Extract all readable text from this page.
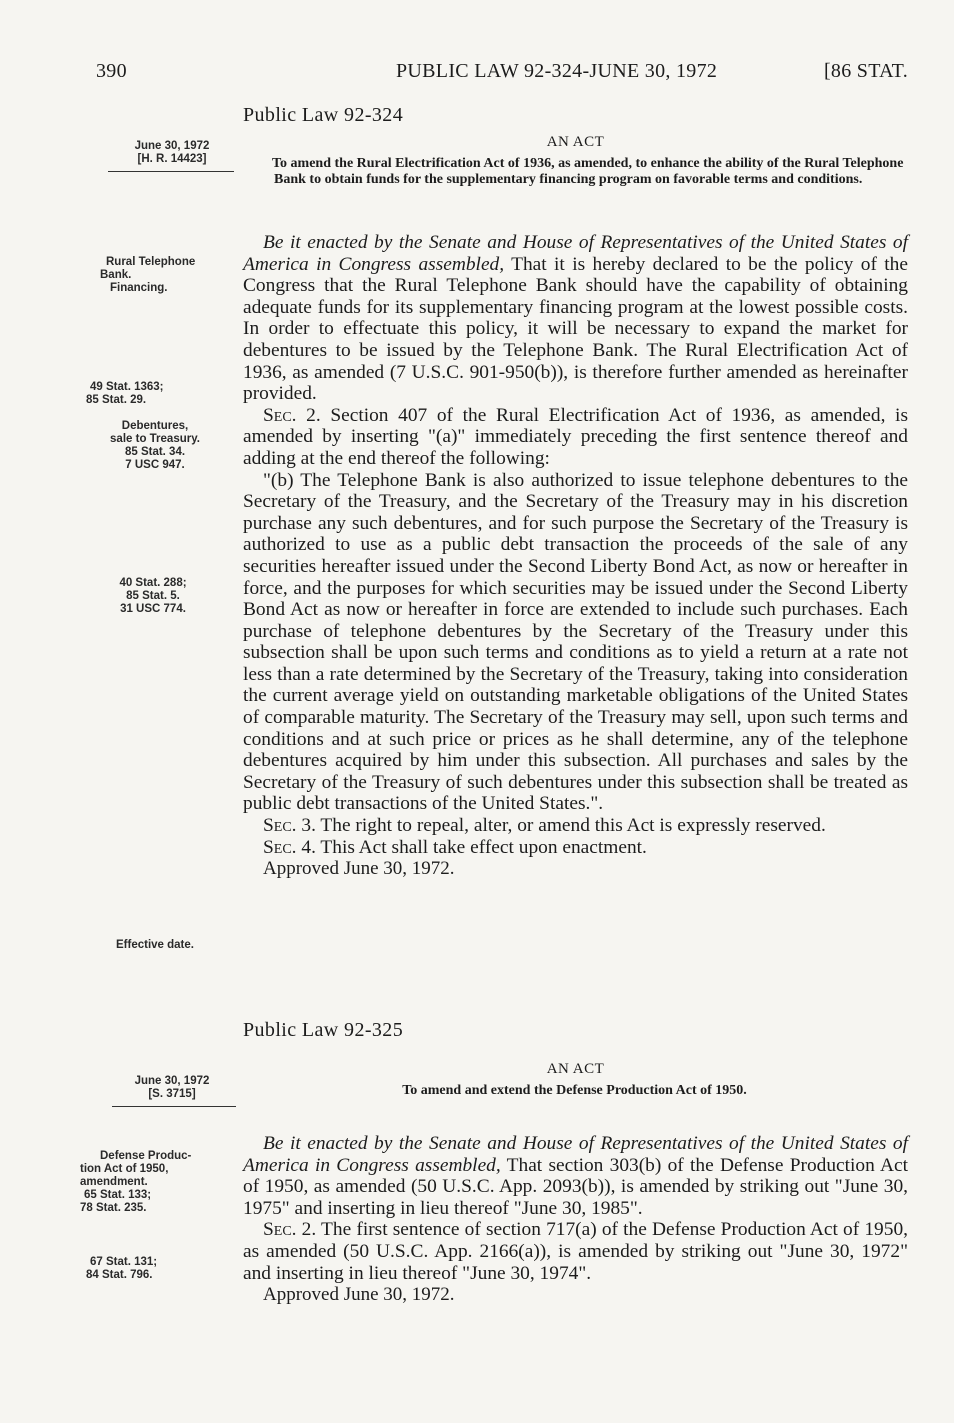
390	PUBLIC LAW 92-324-JUNE 30, 1972	[86 STAT.
June 30, 1972
[H. R. 14423]
Rural Telephone
Bank.
Financing.
49 Stat. 1363;
85 Stat. 29.
Debentures,
sale to Treasury.
85 Stat. 34.
7 USC 947.
40 Stat. 288;
85 Stat. 5.
31 USC 774.
Effective date.
Public Law 92-324
AN ACT
To amend the Rural Electrification Act of 1936, as amended, to enhance the ability of the Rural Telephone Bank to obtain funds for the supplementary financing program on favorable terms and conditions.

Be it enacted by the Senate and House of Representatives of the United States of America in Congress assembled, That it is hereby declared to be the policy of the Congress that the Rural Telephone Bank should have the capability of obtaining adequate funds for its supplementary financing program at the lowest possible costs. In order to effectuate this policy, it will be necessary to expand the market for debentures to be issued by the Telephone Bank. The Rural Electrification Act of 1936, as amended (7 U.S.C. 901-950(b)), is therefore further amended as hereinafter provided.

Sec. 2. Section 407 of the Rural Electrification Act of 1936, as amended, is amended by inserting "(a)" immediately preceding the first sentence thereof and adding at the end thereof the following:

"(b) The Telephone Bank is also authorized to issue telephone debentures to the Secretary of the Treasury, and the Secretary of the Treasury may in his discretion purchase any such debentures, and for such purpose the Secretary of the Treasury is authorized to use as a public debt transaction the proceeds of the sale of any securities hereafter issued under the Second Liberty Bond Act, as now or hereafter in force, and the purposes for which securities may be issued under the Second Liberty Bond Act as now or hereafter in force are extended to include such purchases. Each purchase of telephone debentures by the Secretary of the Treasury under this subsection shall be upon such terms and conditions as to yield a return at a rate not less than a rate determined by the Secretary of the Treasury, taking into consideration the current average yield on outstanding marketable obligations of the United States of comparable maturity. The Secretary of the Treasury may sell, upon such terms and conditions and at such price or prices as he shall determine, any of the telephone debentures acquired by him under this subsection. All purchases and sales by the Secretary of the Treasury of such debentures under this subsection shall be treated as public debt transactions of the United States.".

Sec. 3. The right to repeal, alter, or amend this Act is expressly reserved.

Sec. 4. This Act shall take effect upon enactment.

Approved June 30, 1972.

June 30, 1972
[S. 3715]
Defense Produc-
tion Act of 1950,
amendment.
65 Stat. 133;
78 Stat. 235.
67 Stat. 131;
84 Stat. 796.
Public Law 92-325
AN ACT
To amend and extend the Defense Production Act of 1950.

Be it enacted by the Senate and House of Representatives of the United States of America in Congress assembled, That section 303(b) of the Defense Production Act of 1950, as amended (50 U.S.C. App. 2093(b)), is amended by striking out "June 30, 1975" and inserting in lieu thereof "June 30, 1985".

Sec. 2. The first sentence of section 717(a) of the Defense Production Act of 1950, as amended (50 U.S.C. App. 2166(a)), is amended by striking out "June 30, 1972" and inserting in lieu thereof "June 30, 1974".

Approved June 30, 1972.
